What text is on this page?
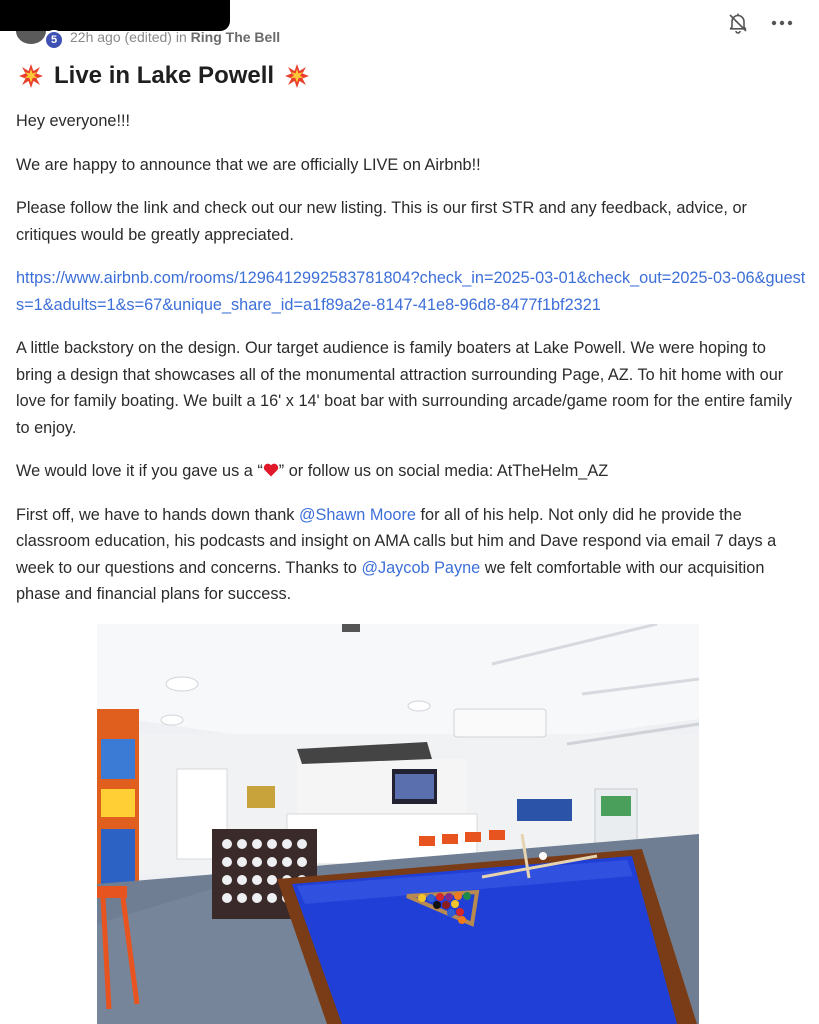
5 22h ago (edited) in Ring The Bell
Live in Lake Powell

Hey everyone!!!

We are happy to announce that we are officially LIVE on Airbnb!!

Please follow the link and check out our new listing. This is our first STR and any feedback, advice, or critiques would be greatly appreciated.

https://www.airbnb.com/rooms/1296412992583781804?check_in=2025-03-01&check_out=2025-03-06&guests=1&adults=1&s=67&unique_share_id=a1f89a2e-8147-41e8-96d8-8477f1bf2321

A little backstory on the design. Our target audience is family boaters at Lake Powell. We were hoping to bring a design that showcases all of the monumental attraction surrounding Page, AZ. To hit home with our love for family boating. We built a 16' x 14' boat bar with surrounding arcade/game room for the entire family to enjoy.

We would love it if you gave us a “ ” or follow us on social media: AtTheHelm_AZ

First off, we have to hands down thank @Shawn Moore for all of his help. Not only did he provide the classroom education, his podcasts and insight on AMA calls but him and Dave respond via email 7 days a week to our questions and concerns. Thanks to @Jaycob Payne we felt comfortable with our acquisition phase and financial plans for success.
